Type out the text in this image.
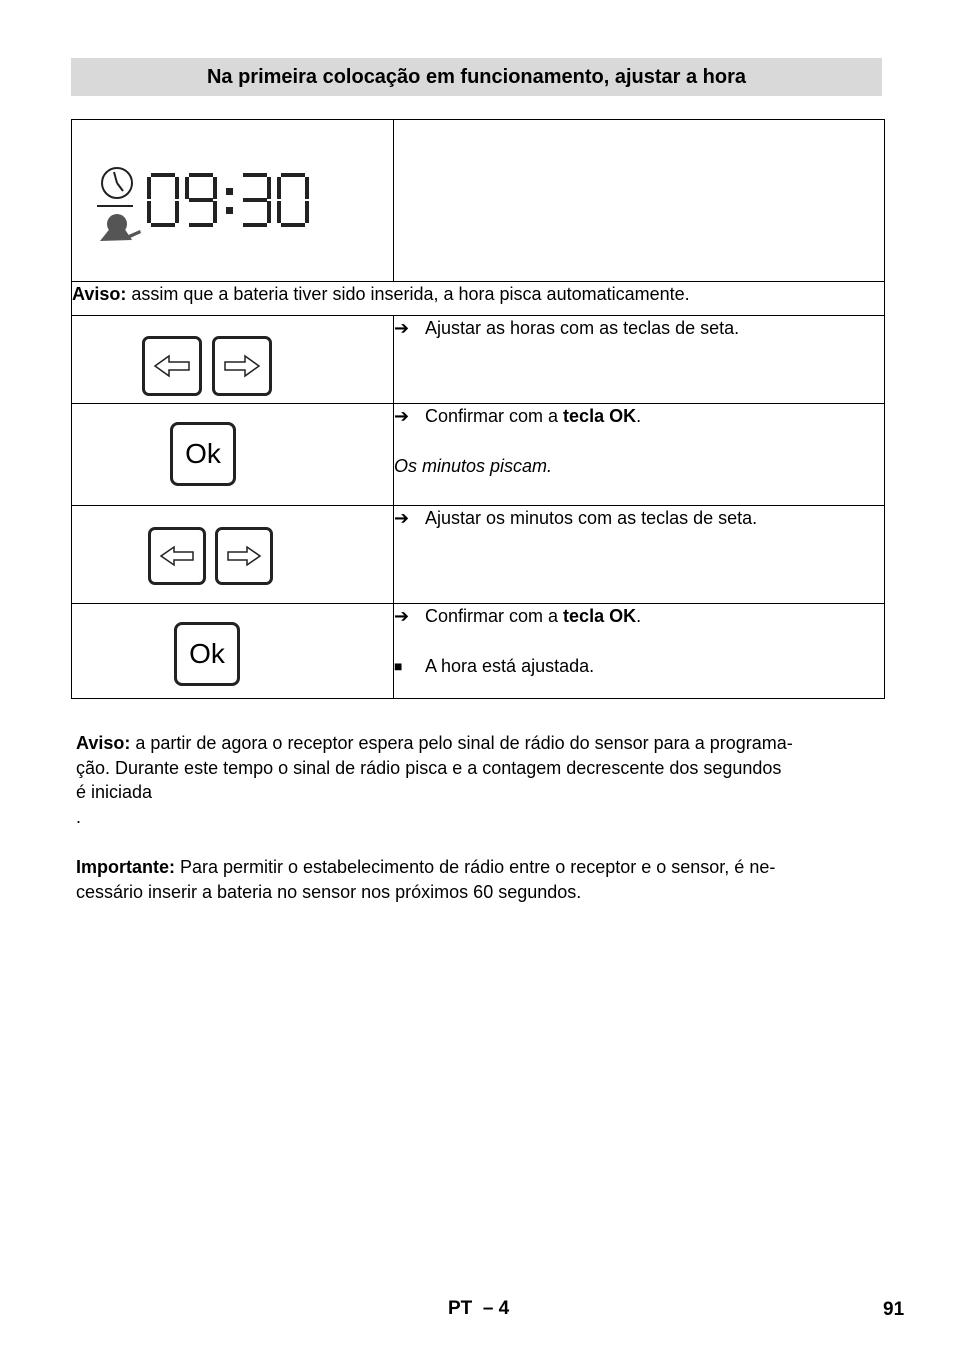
Na primeira colocação em funcionamento, ajustar a hora

Aviso: assim que a bateria tiver sido inserida, a hora pisca automaticamente.	

➔ Ajustar as horas com as teclas de seta.

Ok	➔ Confirmar com a tecla OK.
Os minutos piscam.

➔ Ajustar os minutos com as teclas de seta.

Ok	➔ Confirmar com a tecla OK.
■ A hora está ajustada.
Aviso: a partir de agora o receptor espera pelo sinal de rádio do sensor para a programa-
ção. Durante este tempo o sinal de rádio pisca e a contagem decrescente dos segundos
é iniciada
.
Importante: Para permitir o estabelecimento de rádio entre o receptor e o sensor, é ne-
cessário inserir a bateria no sensor nos próximos 60 segundos.
PT  – 4	91
